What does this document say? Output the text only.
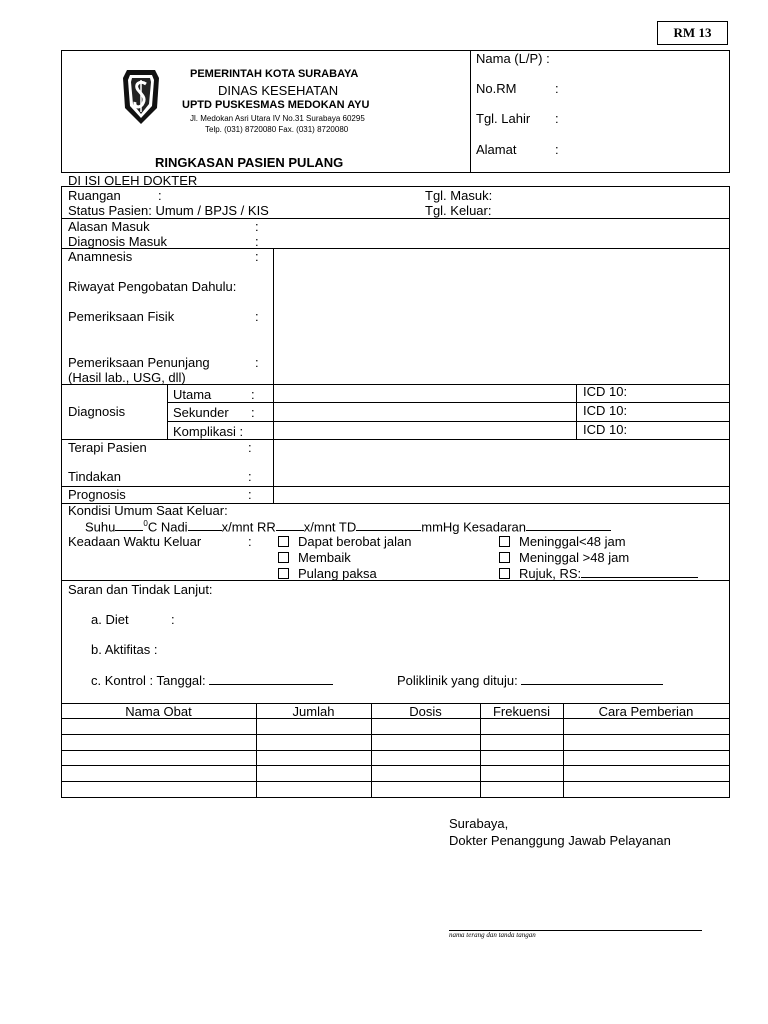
RM 13
PEMERINTAH KOTA SURABAYA
DINAS KESEHATAN
UPTD PUSKESMAS MEDOKAN AYU
Jl. Medokan Asri Utara IV No.31 Surabaya 60295
Telp. (031) 8720080 Fax. (031) 8720080
RINGKASAN PASIEN PULANG
Nama (L/P) :
No.RM	:
Tgl. Lahir :
Alamat	:
DI ISI OLEH DOKTER
Ruangan	:
Status Pasien: Umum / BPJS / KIS
Tgl. Masuk:
Tgl. Keluar:
Alasan Masuk	:
Diagnosis Masuk	:
Anamnesis	:
Riwayat Pengobatan Dahulu:
Pemeriksaan Fisik	:
Pemeriksaan Penunjang	:
(Hasil lab., USG, dll)
Diagnosis
Utama	:
Sekunder :
Komplikasi :
ICD 10:
ICD 10:
ICD 10:
Terapi Pasien	:
Tindakan	:
Prognosis	:
Kondisi Umum Saat Keluar:
Suhu	$^0$C Nadi	x/mnt RR x/mnt TD	mmHg Kesadaran
Keadaan Waktu Keluar	:	Dapat berobat jalan
Membaik
Pulang paksa
Meninggal<48 jam
Meninggal >48 jam
Rujuk, RS:
Saran dan Tindak Lanjut:
a. Diet	:
b. Aktifitas :
c. Kontrol : Tanggal:	Poliklinik yang dituju:
Nama Obat	Jumlah	Dosis	Frekuensi	Cara Pemberian
Surabaya,
Dokter Penanggung Jawab Pelayanan
nama terang dan tanda tangan
